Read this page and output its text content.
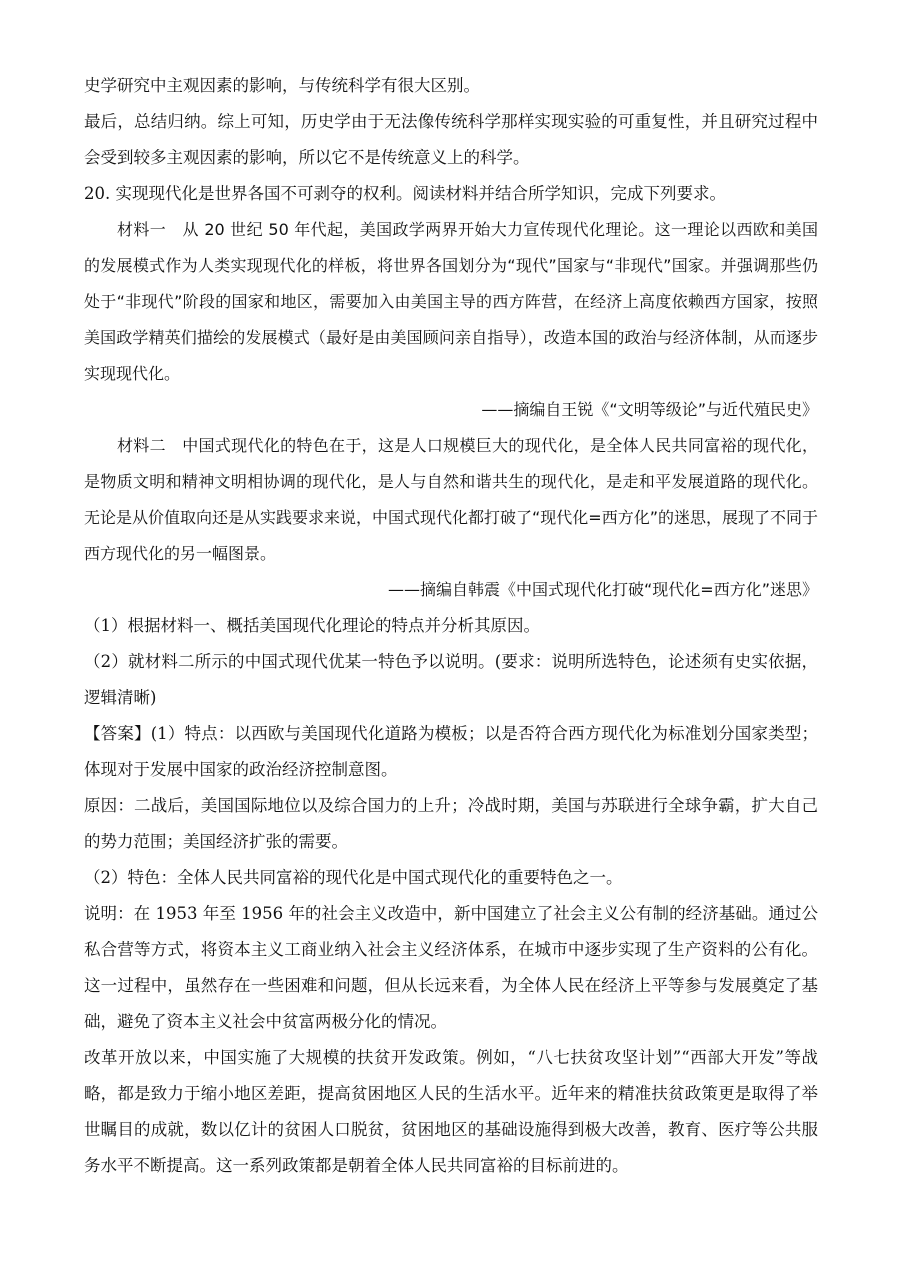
史学研究中主观因素的影响，与传统科学有很大区别。

最后，总结归纳。综上可知，历史学由于无法像传统科学那样实现实验的可重复性，并且研究过程中会受到较多主观因素的影响，所以它不是传统意义上的科学。

20. 实现现代化是世界各国不可剥夺的权利。阅读材料并结合所学知识，完成下列要求。

材料一　从 20 世纪 50 年代起，美国政学两界开始大力宣传现代化理论。这一理论以西欧和美国的发展模式作为人类实现现代化的样板，将世界各国划分为“现代”国家与“非现代”国家。并强调那些仍处于“非现代”阶段的国家和地区，需要加入由美国主导的西方阵营，在经济上高度依赖西方国家，按照美国政学精英们描绘的发展模式（最好是由美国顾问亲自指导），改造本国的政治与经济体制，从而逐步实现现代化。

——摘编自王锐《“文明等级论”与近代殖民史》

材料二　中国式现代化的特色在于，这是人口规模巨大的现代化，是全体人民共同富裕的现代化，是物质文明和精神文明相协调的现代化，是人与自然和谐共生的现代化，是走和平发展道路的现代化。无论是从价值取向还是从实践要求来说，中国式现代化都打破了“现代化=西方化”的迷思，展现了不同于西方现代化的另一幅图景。

——摘编自韩震《中国式现代化打破“现代化=西方化”迷思》

（1）根据材料一、概括美国现代化理论的特点并分析其原因。

（2）就材料二所示的中国式现代优某一特色予以说明。(要求：说明所选特色，论述须有史实依据，逻辑清晰)

【答案】(1）特点：以西欧与美国现代化道路为模板；以是否符合西方现代化为标准划分国家类型；体现对于发展中国家的政治经济控制意图。

原因：二战后，美国国际地位以及综合国力的上升；冷战时期，美国与苏联进行全球争霸，扩大自己的势力范围；美国经济扩张的需要。

（2）特色：全体人民共同富裕的现代化是中国式现代化的重要特色之一。

说明：在 1953 年至 1956 年的社会主义改造中，新中国建立了社会主义公有制的经济基础。通过公私合营等方式，将资本主义工商业纳入社会主义经济体系，在城市中逐步实现了生产资料的公有化。这一过程中，虽然存在一些困难和问题，但从长远来看，为全体人民在经济上平等参与发展奠定了基础，避免了资本主义社会中贫富两极分化的情况。

改革开放以来，中国实施了大规模的扶贫开发政策。例如，“八七扶贫攻坚计划”“西部大开发”等战略，都是致力于缩小地区差距，提高贫困地区人民的生活水平。近年来的精准扶贫政策更是取得了举世瞩目的成就，数以亿计的贫困人口脱贫，贫困地区的基础设施得到极大改善，教育、医疗等公共服务水平不断提高。这一系列政策都是朝着全体人民共同富裕的目标前进的。
